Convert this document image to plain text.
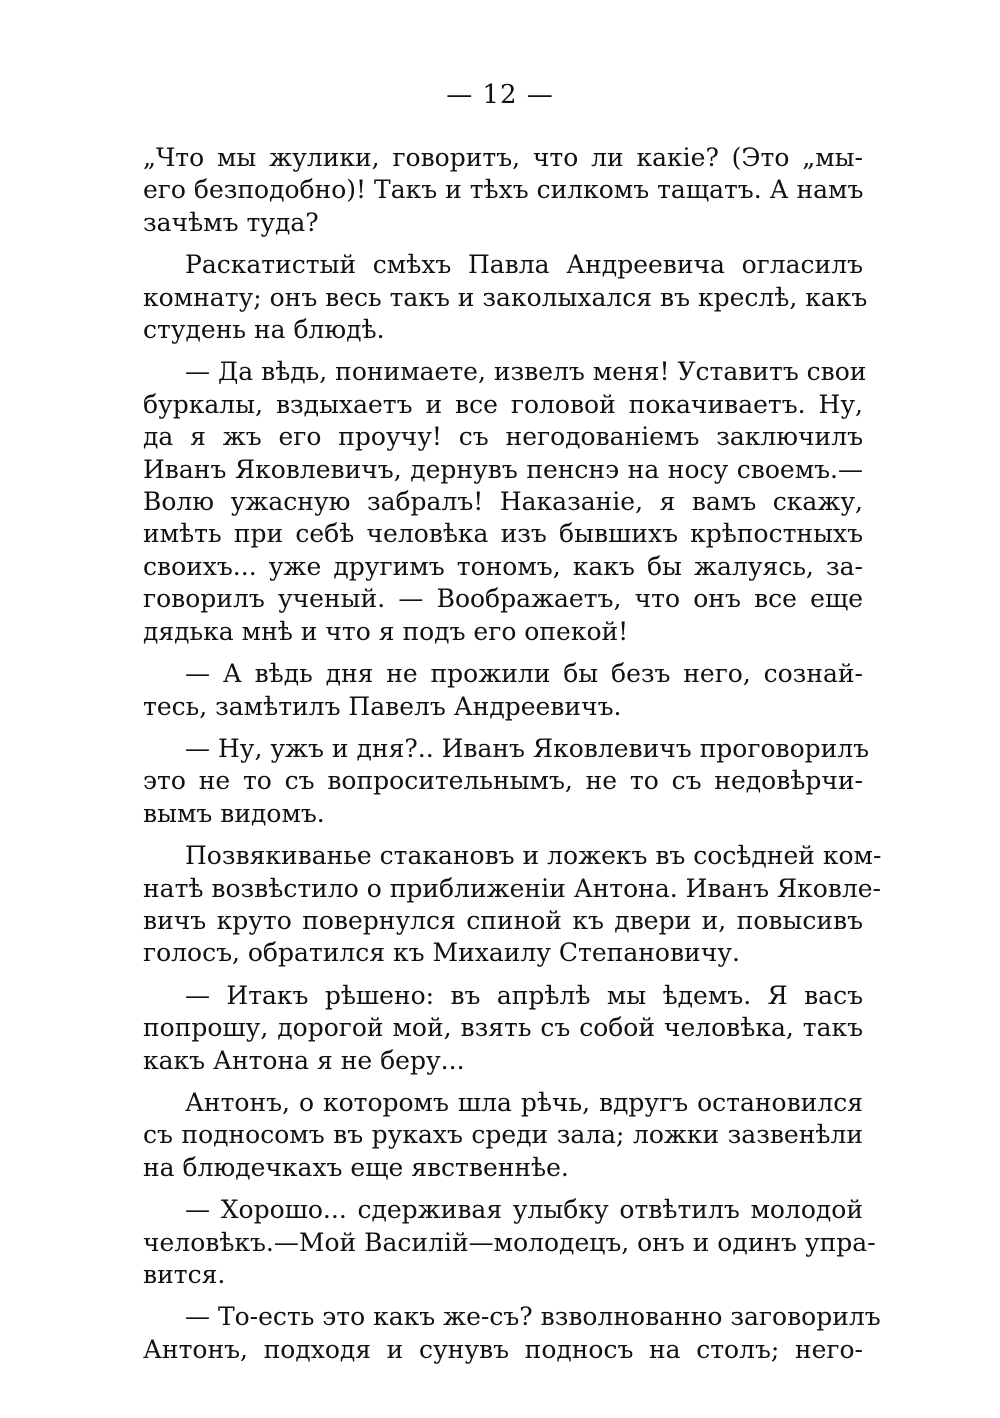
— 12 —
„Что мы жулики, говоритъ, что ли какіе? (Это „мы-
его безподобно)! Такъ и тѣхъ силкомъ тащатъ. А намъ
зачѣмъ туда?
Раскатистый смѣхъ Павла Андреевича огласилъ
комнату; онъ весь такъ и заколыхался въ креслѣ, какъ
студень на блюдѣ.
— Да вѣдь, понимаете, извелъ меня! Уставитъ свои
буркалы, вздыхаетъ и все головой покачиваетъ. Ну,
да я жъ его проучу! съ негодованіемъ заключилъ
Иванъ Яковлевичъ, дернувъ пенснэ на носу своемъ.—
Волю ужасную забралъ! Наказаніе, я вамъ скажу,
имѣть при себѣ человѣка изъ бывшихъ крѣпостныхъ
своихъ... уже другимъ тономъ, какъ бы жалуясь, за-
говорилъ ученый. — Воображаетъ, что онъ все еще
дядька мнѣ и что я подъ его опекой!
— А вѣдь дня не прожили бы безъ него, сознай-
тесь, замѣтилъ Павелъ Андреевичъ.
— Ну, ужъ и дня?.. Иванъ Яковлевичъ проговорилъ
это не то съ вопросительнымъ, не то съ недовѣрчи-
вымъ видомъ.
Позвякиванье стакановъ и ложекъ въ сосѣдней ком-
натѣ возвѣстило о приближеніи Антона. Иванъ Яковле-
вичъ круто повернулся спиной къ двери и, повысивъ
голосъ, обратился къ Михаилу Степановичу.
— Итакъ рѣшено: въ апрѣлѣ мы ѣдемъ. Я васъ
попрошу, дорогой мой, взять съ собой человѣка, такъ
какъ Антона я не беру...
Антонъ, о которомъ шла рѣчь, вдругъ остановился
съ подносомъ въ рукахъ среди зала; ложки зазвенѣли
на блюдечкахъ еще явственнѣе.
— Хорошо... сдерживая улыбку отвѣтилъ молодой
человѣкъ.—Мой Василій—молодецъ, онъ и одинъ упра-
вится.
— То-есть это какъ же-съ? взволнованно заговорилъ
Антонъ, подходя и сунувъ подносъ на столъ; него-
